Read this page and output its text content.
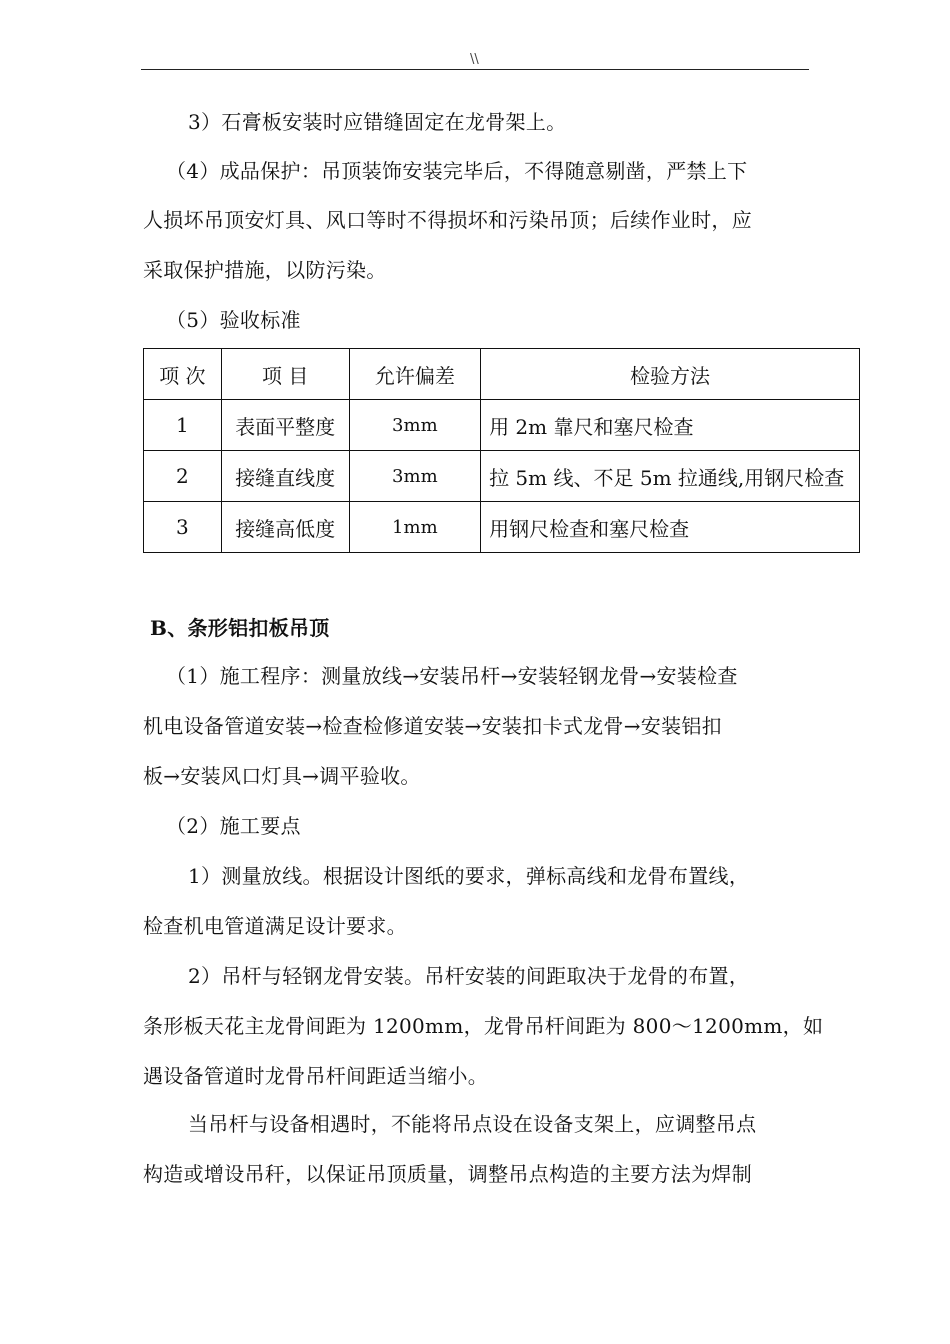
\\
3）石膏板安装时应错缝固定在龙骨架上。
（4）成品保护：吊顶装饰安装完毕后，不得随意剔凿，严禁上下
人损坏吊顶安灯具、风口等时不得损坏和污染吊顶；后续作业时，应
采取保护措施，以防污染。
（5）验收标准
项 次	项 目	允许偏差	检验方法
1	表面平整度	3mm	用 2m 靠尺和塞尺检查
2	接缝直线度	3mm	拉 5m 线、不足 5m 拉通线,用钢尺检查
3	接缝高低度	1mm	用钢尺检查和塞尺检查
B、条形铝扣板吊顶
（1）施工程序：测量放线→安装吊杆→安装轻钢龙骨→安装检查
机电设备管道安装→检查检修道安装→安装扣卡式龙骨→安装铝扣
板→安装风口灯具→调平验收。
（2）施工要点
1）测量放线。根据设计图纸的要求，弹标高线和龙骨布置线，
检查机电管道满足设计要求。
2）吊杆与轻钢龙骨安装。吊杆安装的间距取决于龙骨的布置，
条形板天花主龙骨间距为 1200mm，龙骨吊杆间距为 800～1200mm，如
遇设备管道时龙骨吊杆间距适当缩小。
当吊杆与设备相遇时，不能将吊点设在设备支架上，应调整吊点
构造或增设吊秆，以保证吊顶质量，调整吊点构造的主要方法为焊制
